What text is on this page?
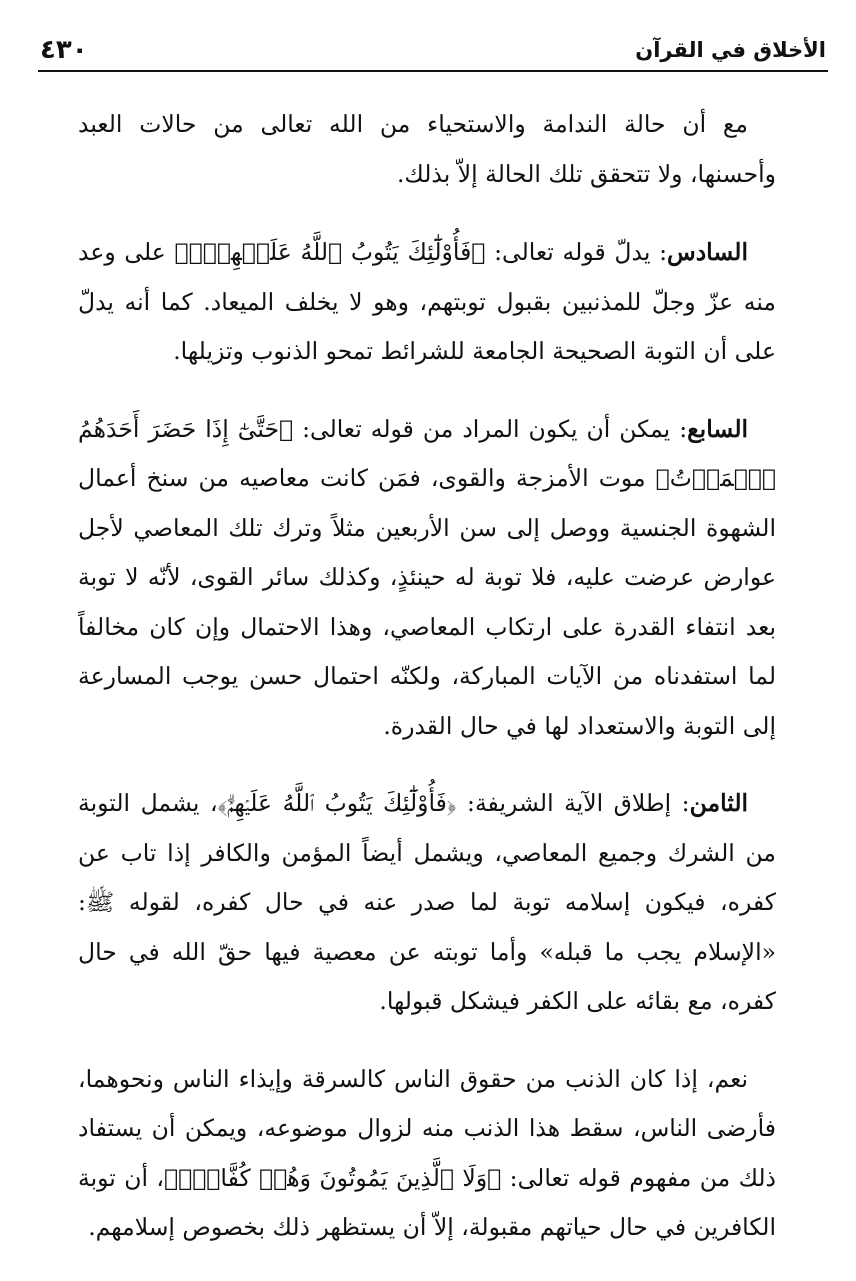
الأخلاق في القرآن
٤٣٠

مع أن حالة الندامة والاستحياء من الله تعالى من حالات العبد وأحسنها، ولا تتحقق تلك الحالة إلاّ بذلك.

السادس: يدلّ قوله تعالى: ﴿فَأُوْلَٰٓئِكَ يَتُوبُ ٱللَّهُ عَلَيۡهِمۡۗ﴾ على وعد منه عزّ وجلّ للمذنبين بقبول توبتهم، وهو لا يخلف الميعاد. كما أنه يدلّ على أن التوبة الصحيحة الجامعة للشرائط تمحو الذنوب وتزيلها.

السابع: يمكن أن يكون المراد من قوله تعالى: ﴿حَتَّىٰٓ إِذَا حَضَرَ أَحَدَهُمُ ٱلۡمَوۡتُ﴾ موت الأمزجة والقوى، فمَن كانت معاصيه من سنخ أعمال الشهوة الجنسية ووصل إلى سن الأربعين مثلاً وترك تلك المعاصي لأجل عوارض عرضت عليه، فلا توبة له حينئذٍ، وكذلك سائر القوى، لأنّه لا توبة بعد انتفاء القدرة على ارتكاب المعاصي، وهذا الاحتمال وإن كان مخالفاً لما استفدناه من الآيات المباركة، ولكنّه احتمال حسن يوجب المسارعة إلى التوبة والاستعداد لها في حال القدرة.

الثامن: إطلاق الآية الشريفة: ﴿فَأُوْلَٰٓئِكَ يَتُوبُ ٱللَّهُ عَلَيۡهِمۡۗ﴾، يشمل التوبة من الشرك وجميع المعاصي، ويشمل أيضاً المؤمن والكافر إذا تاب عن كفره، فيكون إسلامه توبة لما صدر عنه في حال كفره، لقوله ﷺ: «الإسلام يجب ما قبله» وأما توبته عن معصية فيها حقّ الله في حال كفره، مع بقائه على الكفر فيشكل قبولها.

نعم، إذا كان الذنب من حقوق الناس كالسرقة وإيذاء الناس ونحوهما، فأرضى الناس، سقط هذا الذنب منه لزوال موضوعه، ويمكن أن يستفاد ذلك من مفهوم قوله تعالى: ﴿وَلَا ٱلَّذِينَ يَمُوتُونَ وَهُمۡ كُفَّارٌۚ﴾، أن توبة الكافرين في حال حياتهم مقبولة، إلاّ أن يستظهر ذلك بخصوص إسلامهم.
